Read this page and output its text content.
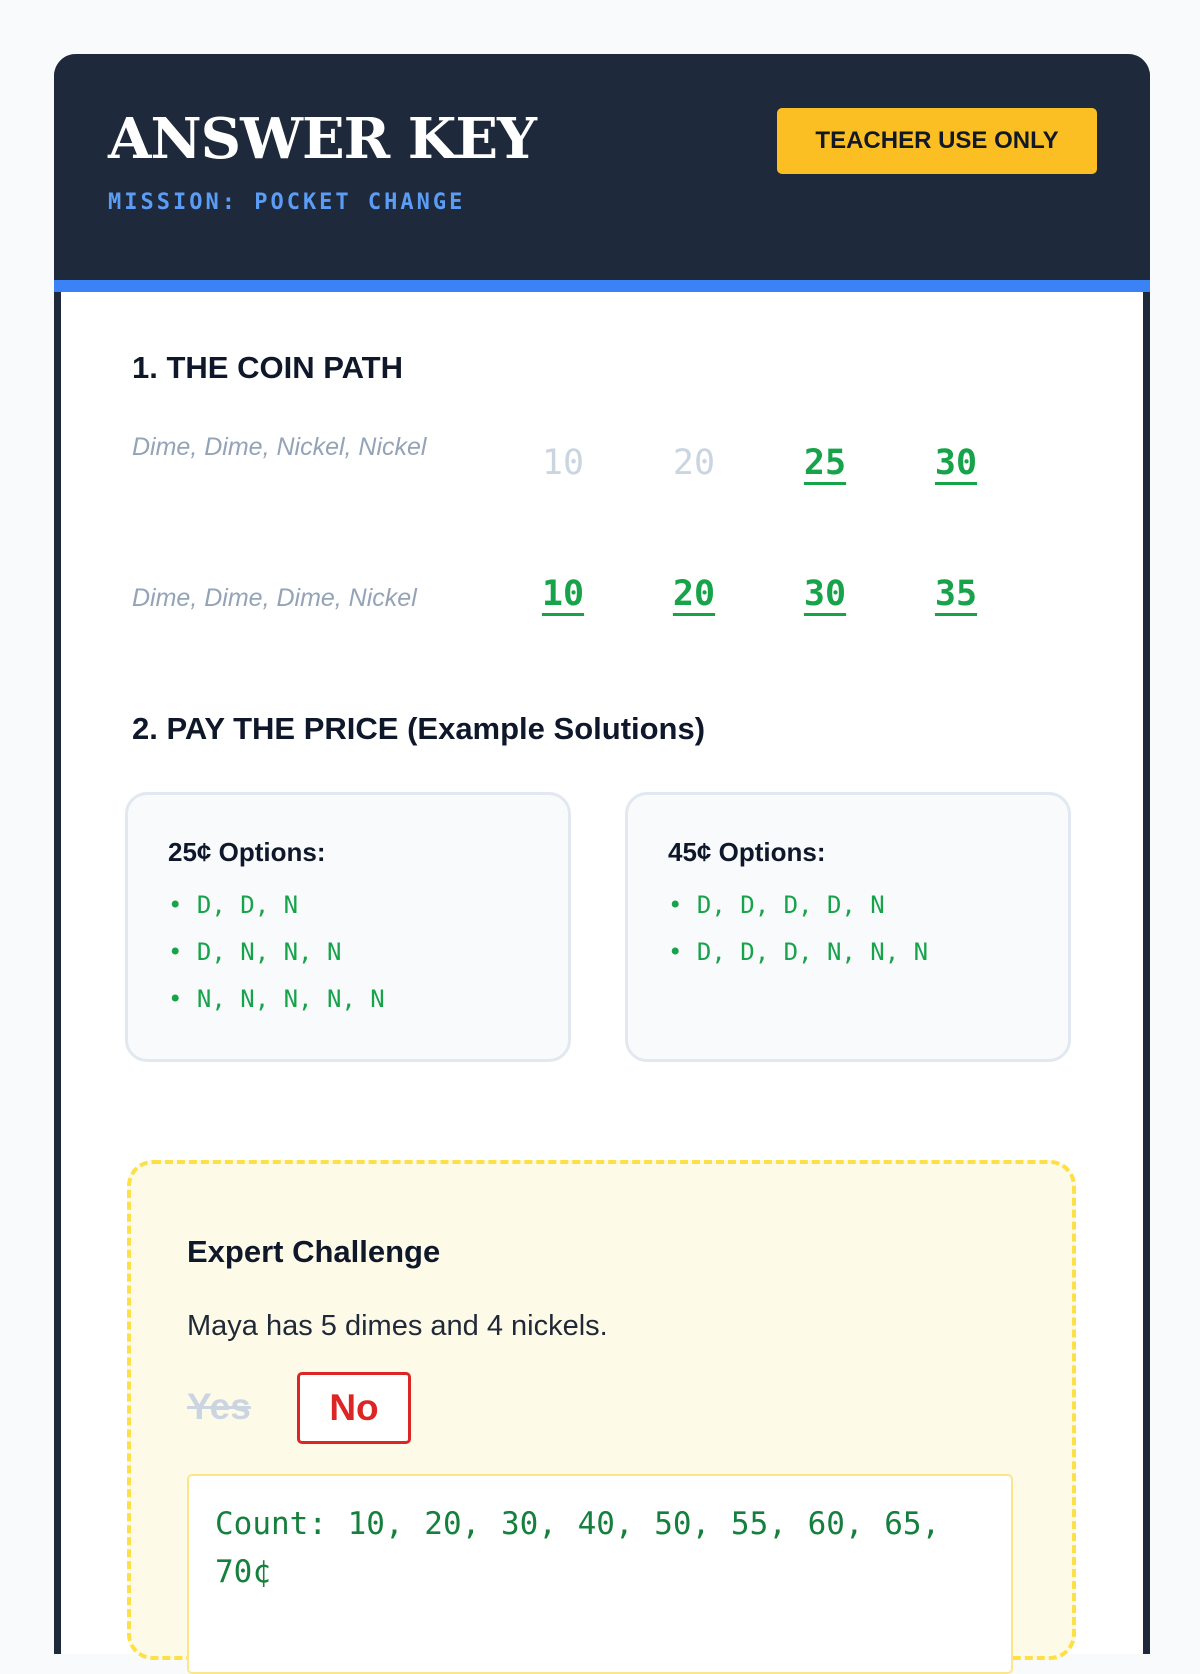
ANSWER KEY
MISSION: POCKET CHANGE
TEACHER USE ONLY
1. THE COIN PATH
Dime, Dime, Nickel, Nickel	10	20	25	30
Dime, Dime, Dime, Nickel	10	20	30	35
2. PAY THE PRICE (Example Solutions)
25¢ Options:
• D, D, N
• D, N, N, N
• N, N, N, N, N
45¢ Options:
• D, D, D, D, N
• D, D, D, N, N, N
Expert Challenge
Maya has 5 dimes and 4 nickels.
Yes	No
Count: 10, 20, 30, 40, 50, 55, 60, 65, 70¢
